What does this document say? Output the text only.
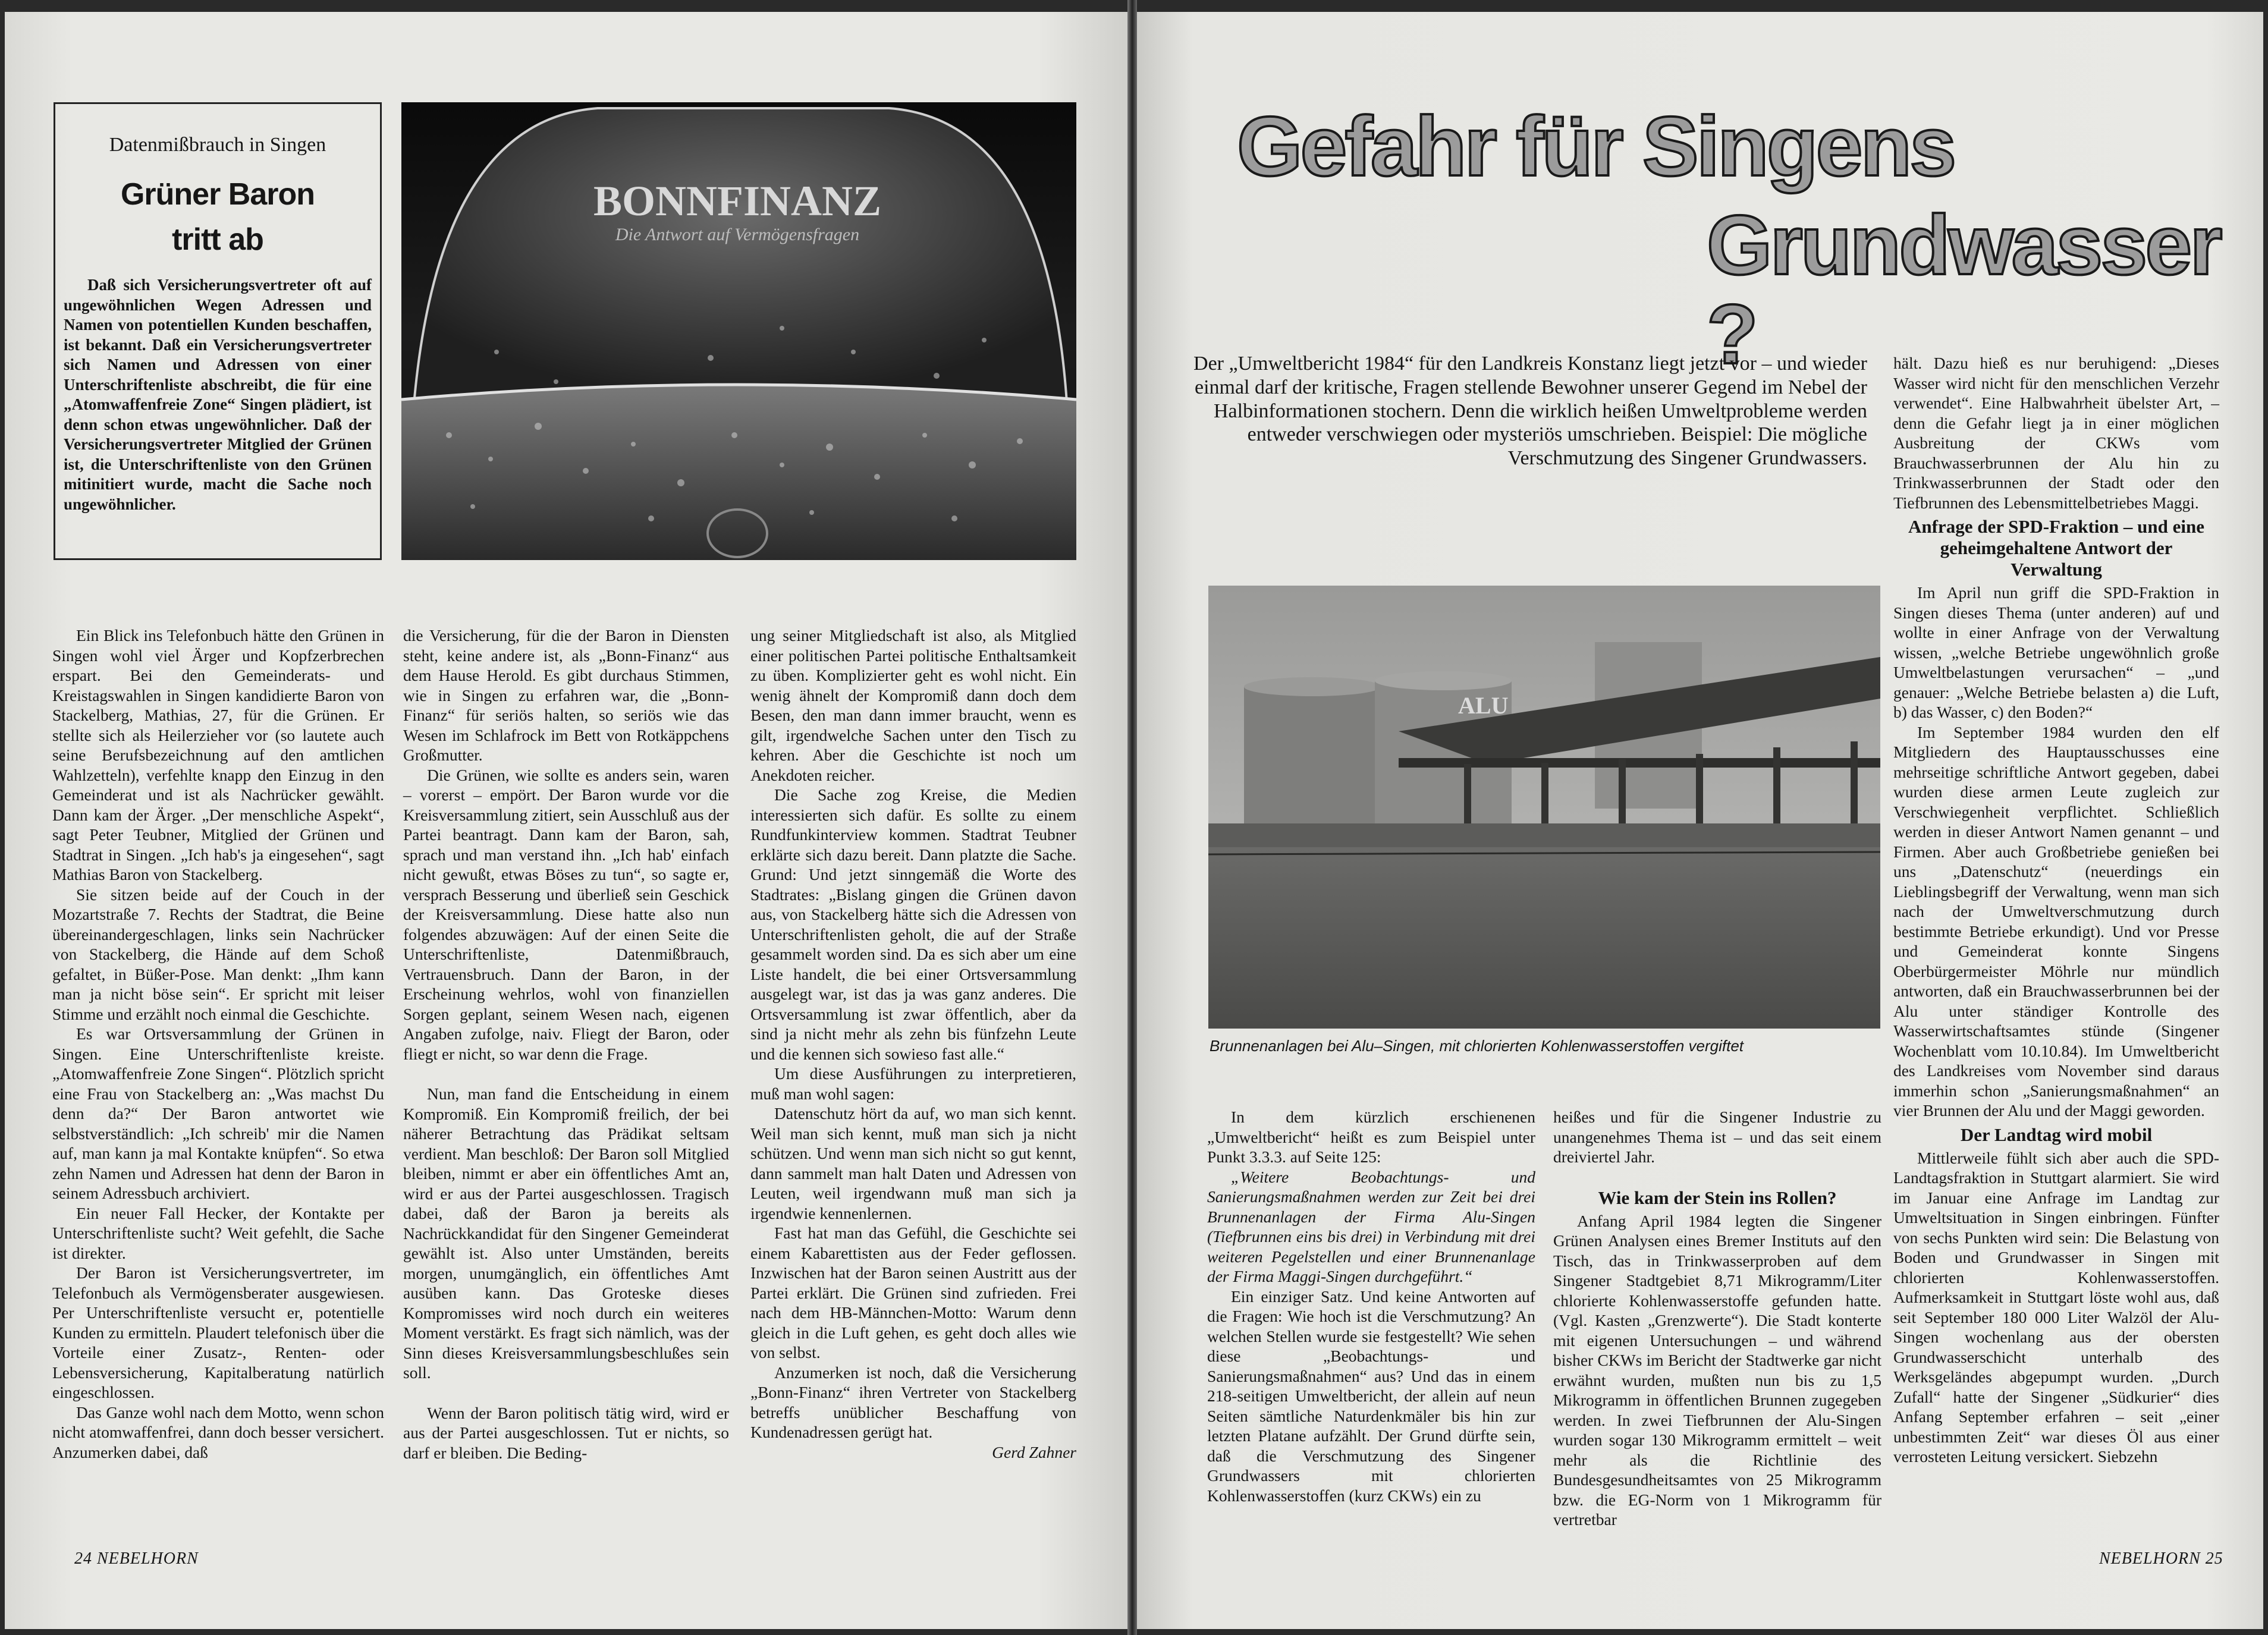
Datenmißbrauch in Singen
Grüner Baron
tritt ab
Daß sich Versicherungsvertreter oft auf ungewöhnlichen Wegen Adressen und Namen von potentiellen Kunden beschaffen, ist bekannt. Daß ein Versicherungsvertreter sich Namen und Adressen von einer Unterschriftenliste abschreibt, die für eine „Atomwaffenfreie Zone“ Singen plädiert, ist denn schon etwas ungewöhnlicher. Daß der Versicherungsvertreter Mitglied der Grünen ist, die Unterschriftenliste von den Grünen mitinitiert wurde, macht die Sache noch ungewöhnlicher.
BONNFINANZ
Die Antwort auf Vermögensfragen

Ein Blick ins Telefonbuch hätte den Grünen in Singen wohl viel Ärger und Kopfzerbrechen erspart. Bei den Gemeinderats- und Kreistagswahlen in Singen kandidierte Baron von Stackelberg, Mathias, 27, für die Grünen. Er stellte sich als Heilerzieher vor (so lautete auch seine Berufsbezeichnung auf den amtlichen Wahlzetteln), verfehlte knapp den Einzug in den Gemeinderat und ist als Nachrücker gewählt. Dann kam der Ärger. „Der menschliche Aspekt“, sagt Peter Teubner, Mitglied der Grünen und Stadtrat in Singen. „Ich hab's ja eingesehen“, sagt Mathias Baron von Stackelberg.

Sie sitzen beide auf der Couch in der Mozartstraße 7. Rechts der Stadtrat, die Beine übereinandergeschlagen, links sein Nachrücker von Stackelberg, die Hände auf dem Schoß gefaltet, in Büßer-Pose. Man denkt: „Ihm kann man ja nicht böse sein“. Er spricht mit leiser Stimme und erzählt noch einmal die Geschichte.

Es war Ortsversammlung der Grünen in Singen. Eine Unterschriftenliste kreiste. „Atomwaffenfreie Zone Singen“. Plötzlich spricht eine Frau von Stackelberg an: „Was machst Du denn da?“ Der Baron antwortet wie selbstverständlich: „Ich schreib' mir die Namen auf, man kann ja mal Kontakte knüpfen“. So etwa zehn Namen und Adressen hat denn der Baron in seinem Adressbuch archiviert.

Ein neuer Fall Hecker, der Kontakte per Unterschriftenliste sucht? Weit gefehlt, die Sache ist direkter.

Der Baron ist Versicherungsvertreter, im Telefonbuch als Vermögensberater ausgewiesen. Per Unterschriftenliste versucht er, potentielle Kunden zu ermitteln. Plaudert telefonisch über die Vorteile einer Zusatz-, Renten- oder Lebensversicherung, Kapitalberatung natürlich eingeschlossen.

Das Ganze wohl nach dem Motto, wenn schon nicht atomwaffenfrei, dann doch besser versichert. Anzumerken dabei, daß

die Versicherung, für die der Baron in Diensten steht, keine andere ist, als „Bonn-Finanz“ aus dem Hause Herold. Es gibt durchaus Stimmen, wie in Singen zu erfahren war, die „Bonn-Finanz“ für seriös halten, so seriös wie das Wesen im Schlafrock im Bett von Rotkäppchens Großmutter.

Die Grünen, wie sollte es anders sein, waren – vorerst – empört. Der Baron wurde vor die Kreisversammlung zitiert, sein Ausschluß aus der Partei beantragt. Dann kam der Baron, sah, sprach und man verstand ihn. „Ich hab' einfach nicht gewußt, etwas Böses zu tun“, so sagte er, versprach Besserung und überließ sein Geschick der Kreisversammlung. Diese hatte also nun folgendes abzuwägen: Auf der einen Seite die Unterschriftenliste, Datenmißbrauch, Vertrauensbruch. Dann der Baron, in der Erscheinung wehrlos, wohl von finanziellen Sorgen geplant, seinem Wesen nach, eigenen Angaben zufolge, naiv. Fliegt der Baron, oder fliegt er nicht, so war denn die Frage.

Nun, man fand die Entscheidung in einem Kompromiß. Ein Kompromiß freilich, der bei näherer Betrachtung das Prädikat seltsam verdient. Man beschloß: Der Baron soll Mitglied bleiben, nimmt er aber ein öffentliches Amt an, wird er aus der Partei ausgeschlossen. Tragisch dabei, daß der Baron ja bereits als Nachrückkandidat für den Singener Gemeinderat gewählt ist. Also unter Umständen, bereits morgen, unumgänglich, ein öffentliches Amt ausüben kann. Das Groteske dieses Kompromisses wird noch durch ein weiteres Moment verstärkt. Es fragt sich nämlich, was der Sinn dieses Kreisversammlungsbeschlußes sein soll.

Wenn der Baron politisch tätig wird, wird er aus der Partei ausgeschlossen. Tut er nichts, so darf er bleiben. Die Beding-

ung seiner Mitgliedschaft ist also, als Mitglied einer politischen Partei politische Enthaltsamkeit zu üben. Komplizierter geht es wohl nicht. Ein wenig ähnelt der Kompromiß dann doch dem Besen, den man dann immer braucht, wenn es gilt, irgendwelche Sachen unter den Tisch zu kehren. Aber die Geschichte ist noch um Anekdoten reicher.

Die Sache zog Kreise, die Medien interessierten sich dafür. Es sollte zu einem Rundfunkinterview kommen. Stadtrat Teubner erklärte sich dazu bereit. Dann platzte die Sache. Grund: Und jetzt sinngemäß die Worte des Stadtrates: „Bislang gingen die Grünen davon aus, von Stackelberg hätte sich die Adressen von Unterschriftenlisten geholt, die auf der Straße gesammelt worden sind. Da es sich aber um eine Liste handelt, die bei einer Ortsversammlung ausgelegt war, ist das ja was ganz anderes. Die Ortsversammlung ist zwar öffentlich, aber da sind ja nicht mehr als zehn bis fünfzehn Leute und die kennen sich sowieso fast alle.“

Um diese Ausführungen zu interpretieren, muß man wohl sagen:

Datenschutz hört da auf, wo man sich kennt. Weil man sich kennt, muß man sich ja nicht schützen. Und wenn man sich nicht so gut kennt, dann sammelt man halt Daten und Adressen von Leuten, weil irgendwann muß man sich ja irgendwie kennenlernen.

Fast hat man das Gefühl, die Geschichte sei einem Kabarettisten aus der Feder geflossen. Inzwischen hat der Baron seinen Austritt aus der Partei erklärt. Die Grünen sind zufrieden. Frei nach dem HB-Männchen-Motto: Warum denn gleich in die Luft gehen, es geht doch alles wie von selbst.

Anzumerken ist noch, daß die Versicherung „Bonn-Finanz“ ihren Vertreter von Stackelberg betreffs unüblicher Beschaffung von Kundenadressen gerügt hat.

Gerd Zahner
24 NEBELHORN
Gefahr für Singens
Grundwasser ?
Der „Umweltbericht 1984“ für den Landkreis Konstanz liegt jetzt vor – und wieder einmal darf der kritische, Fragen stellende Bewohner unserer Gegend im Nebel der Halbinformationen stochern. Denn die wirklich heißen Umweltprobleme werden entweder verschwiegen oder mysteriös umschrieben. Beispiel: Die mögliche Verschmutzung des Singener Grundwassers.
ALU
Brunnenanlagen bei Alu–Singen, mit chlorierten Kohlenwasserstoffen vergiftet

In dem kürzlich erschienenen „Umweltbericht“ heißt es zum Beispiel unter Punkt 3.3.3. auf Seite 125:

„Weitere Beobachtungs- und Sanierungsmaßnahmen werden zur Zeit bei drei Brunnenanlagen der Firma Alu-Singen (Tiefbrunnen eins bis drei) in Verbindung mit drei weiteren Pegelstellen und einer Brunnenanlage der Firma Maggi-Singen durchgeführt.“

Ein einziger Satz. Und keine Antworten auf die Fragen: Wie hoch ist die Verschmutzung? An welchen Stellen wurde sie festgestellt? Wie sehen diese „Beobachtungs- und Sanierungsmaßnahmen“ aus? Und das in einem 218-seitigen Umweltbericht, der allein auf neun Seiten sämtliche Naturdenkmäler bis hin zur letzten Platane aufzählt. Der Grund dürfte sein, daß die Verschmutzung des Singener Grundwassers mit chlorierten Kohlenwasserstoffen (kurz CKWs) ein zu

heißes und für die Singener Industrie zu unangenehmes Thema ist – und das seit einem dreiviertel Jahr.

Wie kam der Stein ins Rollen?

Anfang April 1984 legten die Singener Grünen Analysen eines Bremer Instituts auf den Tisch, das in Trinkwasserproben auf dem Singener Stadtgebiet 8,71 Mikrogramm/Liter chlorierte Kohlenwasserstoffe gefunden hatte. (Vgl. Kasten „Grenzwerte“). Die Stadt konterte mit eigenen Untersuchungen – und während bisher CKWs im Bericht der Stadtwerke gar nicht erwähnt wurden, mußten nun bis zu 1,5 Mikrogramm in öffentlichen Brunnen zugegeben werden. In zwei Tiefbrunnen der Alu-Singen wurden sogar 130 Mikrogramm ermittelt – weit mehr als die Richtlinie des Bundesgesundheitsamtes von 25 Mikrogramm bzw. die EG-Norm von 1 Mikrogramm für vertretbar

hält. Dazu hieß es nur beruhigend: „Dieses Wasser wird nicht für den menschlichen Verzehr verwendet“. Eine Halbwahrheit übelster Art, – denn die Gefahr liegt ja in einer möglichen Ausbreitung der CKWs vom Brauchwasserbrunnen der Alu hin zu Trinkwasserbrunnen der Stadt oder den Tiefbrunnen des Lebensmittelbetriebes Maggi.

Anfrage der SPD-Fraktion – und eine geheimgehaltene Antwort der Verwaltung

Im April nun griff die SPD-Fraktion in Singen dieses Thema (unter anderen) auf und wollte in einer Anfrage von der Verwaltung wissen, „welche Betriebe ungewöhnlich große Umweltbelastungen verursachen“ – „und genauer: „Welche Betriebe belasten a) die Luft, b) das Wasser, c) den Boden?“

Im September 1984 wurden den elf Mitgliedern des Hauptausschusses eine mehrseitige schriftliche Antwort gegeben, dabei wurden diese armen Leute zugleich zur Verschwiegenheit verpflichtet. Schließlich werden in dieser Antwort Namen genannt – und Firmen. Aber auch Großbetriebe genießen bei uns „Datenschutz“ (neuerdings ein Lieblingsbegriff der Verwaltung, wenn man sich nach der Umweltverschmutzung durch bestimmte Betriebe erkundigt). Und vor Presse und Gemeinderat konnte Singens Oberbürgermeister Möhrle nur mündlich antworten, daß ein Brauchwasserbrunnen bei der Alu unter ständiger Kontrolle des Wasserwirtschaftsamtes stünde (Singener Wochenblatt vom 10.10.84). Im Umweltbericht des Landkreises vom November sind daraus immerhin schon „Sanierungsmaßnahmen“ an vier Brunnen der Alu und der Maggi geworden.

Der Landtag wird mobil

Mittlerweile fühlt sich aber auch die SPD-Landtagsfraktion in Stuttgart alarmiert. Sie wird im Januar eine Anfrage im Landtag zur Umweltsituation in Singen einbringen. Fünfter von sechs Punkten wird sein: Die Belastung von Boden und Grundwasser in Singen mit chlorierten Kohlenwasserstoffen. Aufmerksamkeit in Stuttgart löste wohl aus, daß seit September 180 000 Liter Walzöl der Alu-Singen wochenlang aus der obersten Grundwasserschicht unterhalb des Werksgeländes abgepumpt wurden. „Durch Zufall“ hatte der Singener „Südkurier“ dies Anfang September erfahren – seit „einer unbestimmten Zeit“ war dieses Öl aus einer verrosteten Leitung versickert. Siebzehn

NEBELHORN 25
